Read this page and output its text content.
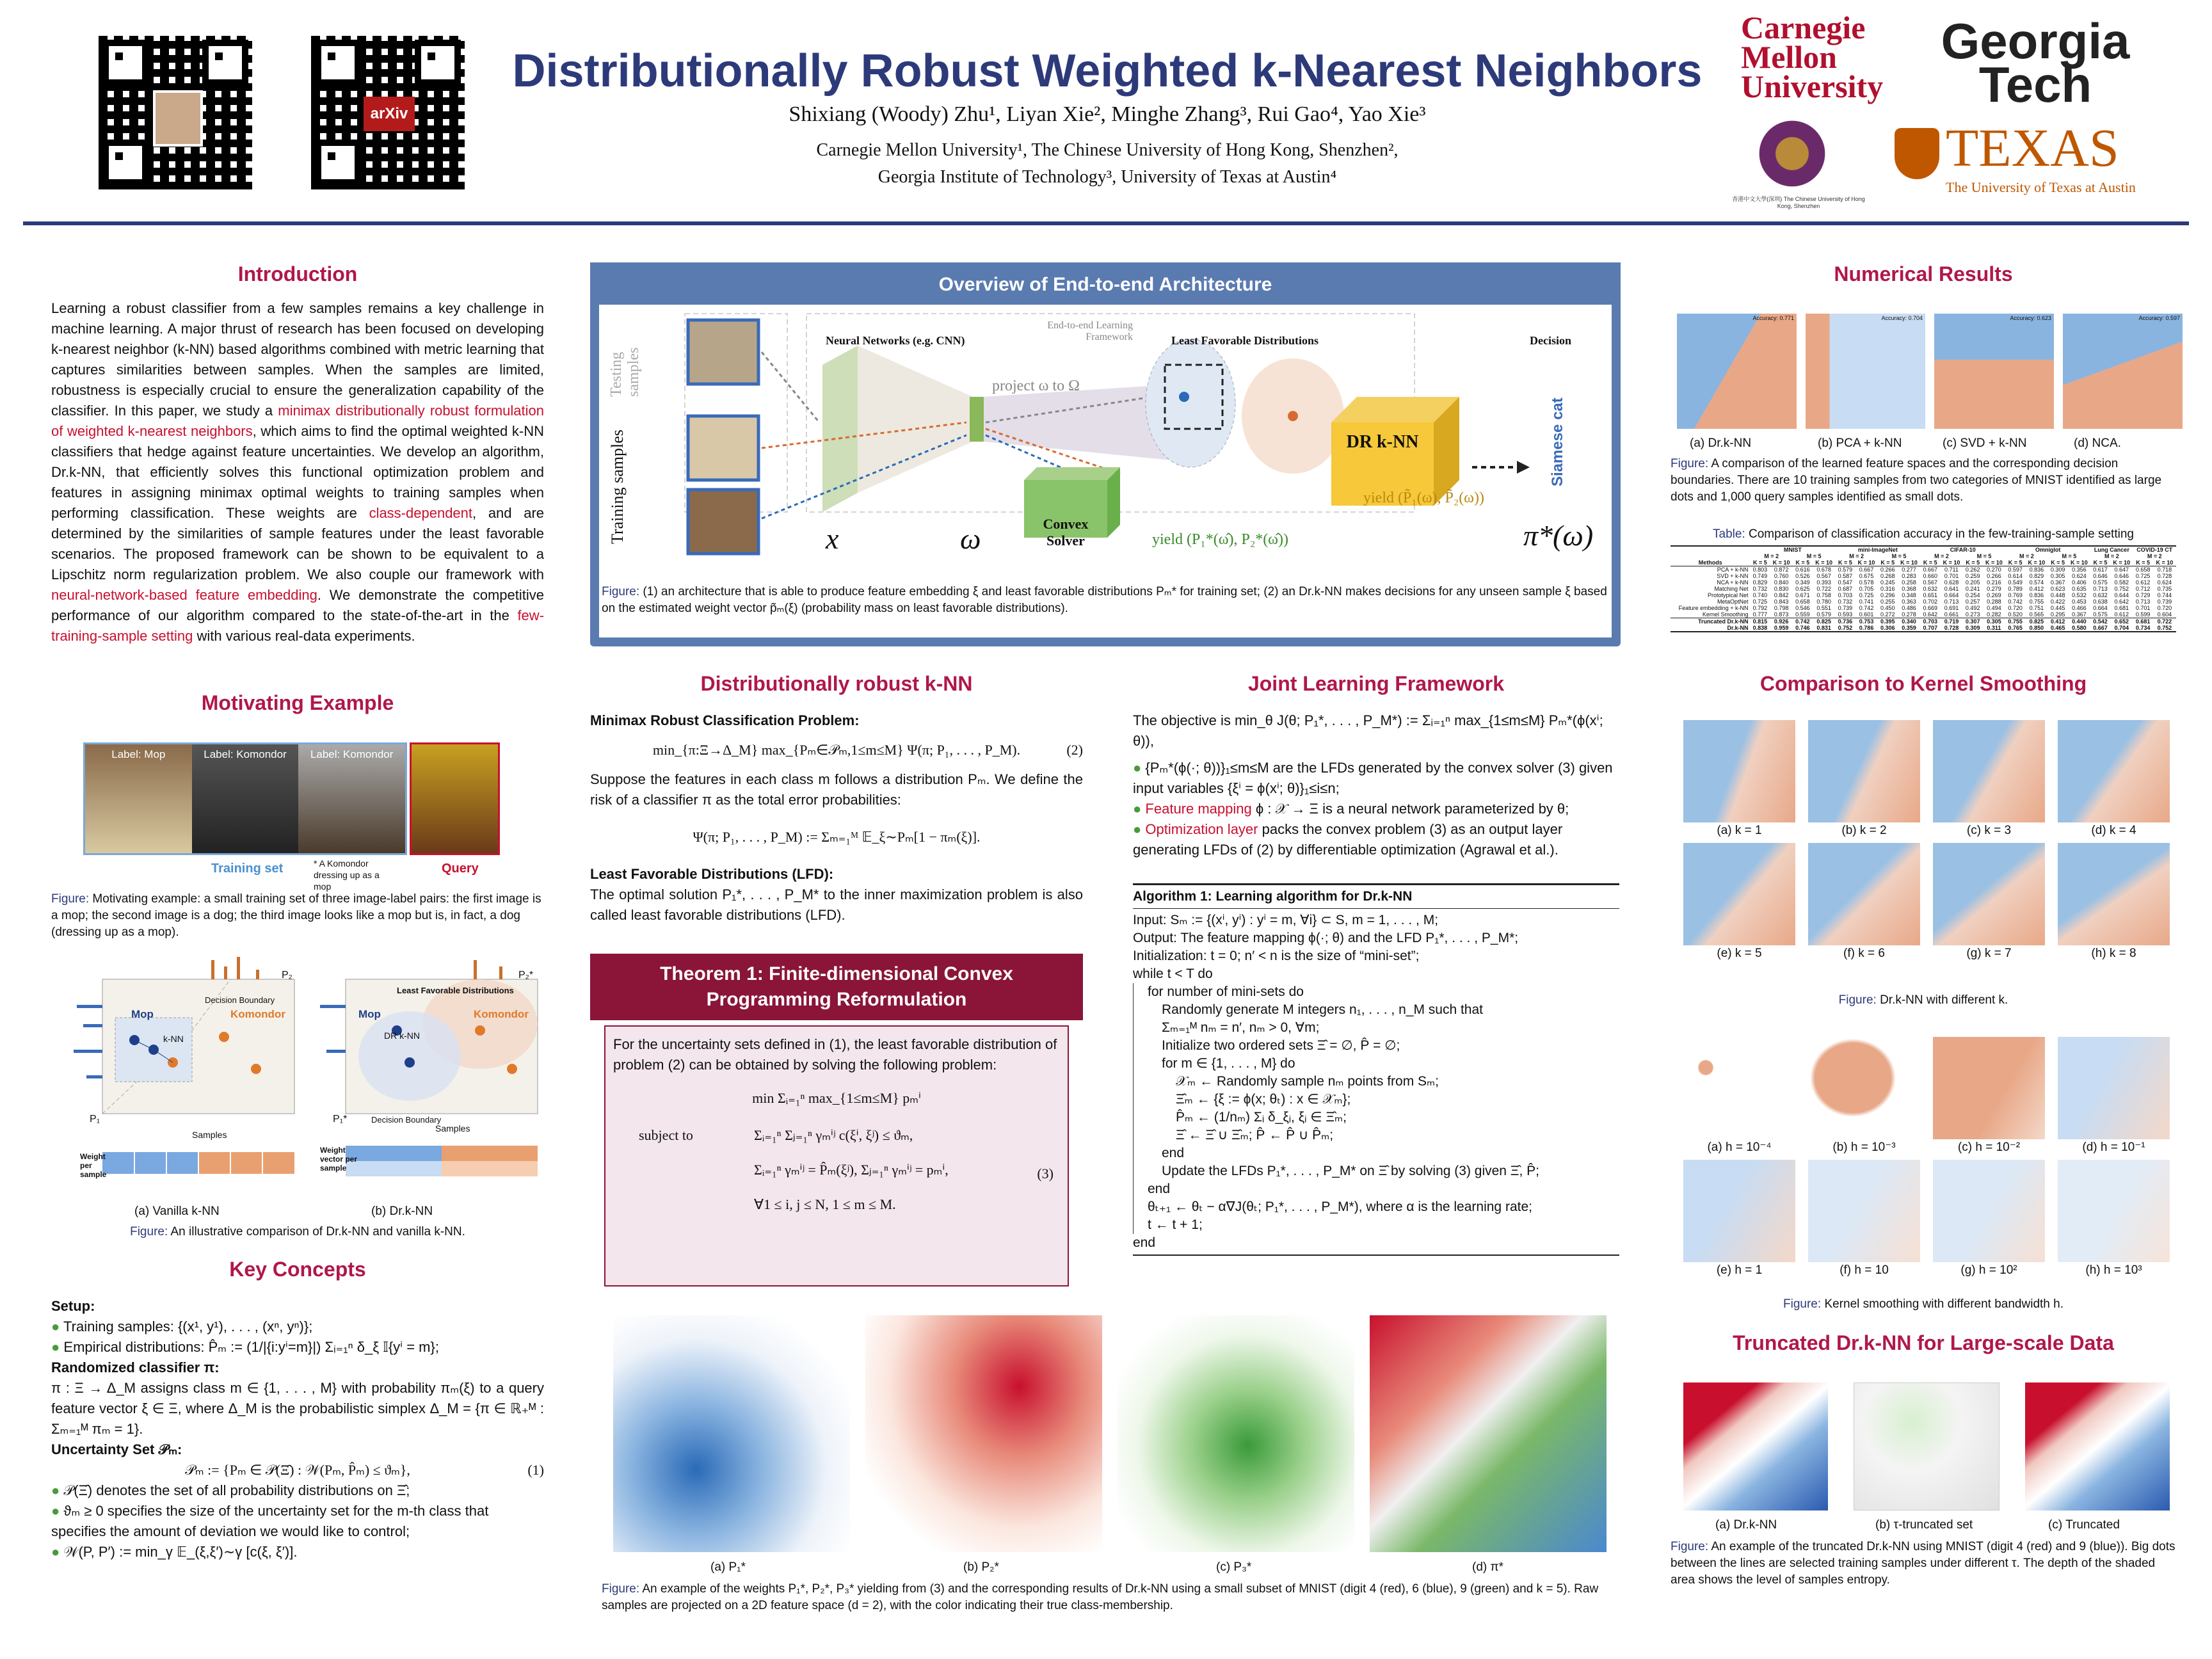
arXiv
Distributionally Robust Weighted k-Nearest Neighbors
Shixiang (Woody) Zhu¹, Liyan Xie², Minghe Zhang³, Rui Gao⁴, Yao Xie³
Carnegie Mellon University¹, The Chinese University of Hong Kong, Shenzhen²,
Georgia Institute of Technology³, University of Texas at Austin⁴
Carnegie Mellon University
Georgia
Tech
香港中文大學(深圳) The Chinese University of Hong Kong, Shenzhen
TEXAS
The University of Texas at Austin
Introduction
Learning a robust classifier from a few samples remains a key challenge in machine learning. A major thrust of research has been focused on developing k-nearest neighbor (k-NN) based algorithms combined with metric learning that captures similarities between samples. When the samples are limited, robustness is especially crucial to ensure the generalization capability of the classifier. In this paper, we study a minimax distributionally robust formulation of weighted k-nearest neighbors, which aims to find the optimal weighted k-NN classifiers that hedge against feature uncertainties. We develop an algorithm, Dr.k-NN, that efficiently solves this functional optimization problem and features in assigning minimax optimal weights to training samples when performing classification. These weights are class-dependent, and are determined by the similarities of sample features under the least favorable scenarios. The proposed framework can be shown to be equivalent to a Lipschitz norm regularization problem. We also couple our framework with neural-network-based feature embedding. We demonstrate the competitive performance of our algorithm compared to the state-of-the-art in the few-training-sample setting with various real-data experiments.
Motivating Example
Label: Mop	Label: Komondor	Label: Komondor
Training set	* A Komondor dressing up as a mop
Query
Figure: Motivating example: a small training set of three image-label pairs: the first image is a mop; the second image is a dog; the third image looks like a mop but is, in fact, a dog (dressing up as a mop).
Mop	Komondor
k-NN
Decision Boundary
P₁
P₂
Samples
Weight per sample
Mop	Komondor
DR k-NN
Least Favorable Distributions
Decision Boundary
P₁*
P₂*
Samples
Weight vector per sample
(a) Vanilla k-NN	(b) Dr.k-NN
Figure: An illustrative comparison of Dr.k-NN and vanilla k-NN.
Key Concepts
Setup:
● Training samples: {(x¹, y¹), . . . , (xⁿ, yⁿ)};
● Empirical distributions: P̂ₘ := (1/|{i:yⁱ=m}|) Σᵢ₌₁ⁿ δ_ξ 𝕀{yⁱ = m};
Randomized classifier π:
π : Ξ → Δ_M assigns class m ∈ {1, . . . , M} with probability πₘ(ξ) to a query feature vector ξ ∈ Ξ, where Δ_M is the probabilistic simplex Δ_M = {π ∈ ℝ₊ᴹ : Σₘ₌₁ᴹ πₘ = 1}.
Uncertainty Set 𝒫ₘ:
𝒫ₘ := {Pₘ ∈ 𝒫(Ξ̂) : 𝒲(Pₘ, P̂ₘ) ≤ ϑₘ},	(1)
● 𝒫(Ξ̂) denotes the set of all probability distributions on Ξ̂;
● ϑₘ ≥ 0 specifies the size of the uncertainty set for the m-th class that specifies the amount of deviation we would like to control;
● 𝒲(P, P′) := min_γ 𝔼_(ξ,ξ′)∼γ [c(ξ, ξ′)].
Overview of End-to-end Architecture
Testing samples
Training samples
Neural Networks (e.g. CNN)
End-to-end Learning Framework
project ω to Ω
Least Favorable Distributions	Decision
Convex Solver
DR k-NN
yield (P₁*(ω̂), P₂*(ω̂))
yield (P̃₁(ω), P̃₂(ω))
x	ω	π*(ω)
Siamese cat
Figure: (1) an architecture that is able to produce feature embedding ξ and least favorable distributions Pₘ* for training set; (2) an Dr.k-NN makes decisions for any unseen sample ξ based on the estimated weight vector p̃ₘ(ξ) (probability mass on least favorable distributions).
Distributionally robust k-NN
Minimax Robust Classification Problem:
min_{π:Ξ→Δ_M} max_{Pₘ∈𝒫ₘ,1≤m≤M} Ψ(π; P₁, . . . , P_M).	(2)
Suppose the features in each class m follows a distribution Pₘ. We define the risk of a classifier π as the total error probabilities:
Ψ(π; P₁, . . . , P_M) := Σₘ₌₁ᴹ 𝔼_ξ∼Pₘ[1 − πₘ(ξ)].
Least Favorable Distributions (LFD):
The optimal solution P₁*, . . . , P_M* to the inner maximization problem is also called least favorable distributions (LFD).
Theorem 1: Finite-dimensional Convex
Programming Reformulation
For the uncertainty sets defined in (1), the least favorable distribution of problem (2) can be obtained by solving the following problem:
min Σᵢ₌₁ⁿ max_{1≤m≤M} pₘⁱ
subject to	Σᵢ₌₁ⁿ Σⱼ₌₁ⁿ γₘⁱʲ c(ξⁱ, ξʲ) ≤ ϑₘ,
Σᵢ₌₁ⁿ γₘⁱʲ = P̂ₘ(ξʲ), Σⱼ₌₁ⁿ γₘⁱʲ = pₘⁱ,
∀1 ≤ i, j ≤ N, 1 ≤ m ≤ M.
(3)
Joint Learning Framework
The objective is min_θ J(θ; P₁*, . . . , P_M*) := Σᵢ₌₁ⁿ max_{1≤m≤M} Pₘ*(ϕ(xⁱ; θ)),
● {Pₘ*(ϕ(·; θ))}₁≤m≤M are the LFDs generated by the convex solver (3) given input variables {ξⁱ = ϕ(xⁱ; θ)}₁≤i≤n;
● Feature mapping ϕ : 𝒳 → Ξ is a neural network parameterized by θ;
● Optimization layer packs the convex problem (3) as an output layer generating LFDs of (2) by differentiable optimization (Agrawal et al.).
Algorithm 1: Learning algorithm for Dr.k-NN
Input: Sₘ := {(xⁱ, yⁱ) : yⁱ = m, ∀i} ⊂ S, m = 1, . . . , M;
Output: The feature mapping ϕ(·; θ) and the LFD P₁*, . . . , P_M*;
Initialization: t = 0; n′ < n is the size of “mini-set”;
while t < T do
for number of mini-sets do
Randomly generate M integers n₁, . . . , n_M such that
Σₘ₌₁ᴹ nₘ = n′, nₘ > 0, ∀m;
Initialize two ordered sets Ξ̂ = ∅, P̂ = ∅;
for m ∈ {1, . . . , M} do
𝒳ₘ ← Randomly sample nₘ points from Sₘ;
Ξ̂ₘ ← {ξ := ϕ(x; θₜ) : x ∈ 𝒳ₘ};
P̂ₘ ← (1/nₘ) Σᵢ δ_ξᵢ, ξᵢ ∈ Ξ̂ₘ;
Ξ̂ ← Ξ̂ ∪ Ξ̂ₘ; P̂ ← P̂ ∪ P̂ₘ;
end
Update the LFDs P₁*, . . . , P_M* on Ξ̂ by solving (3) given Ξ̂, P̂;
end
θₜ₊₁ ← θₜ − α∇J(θₜ; P₁*, . . . , P_M*), where α is the learning rate;
t ← t + 1;
end
(a) P₁*	(b) P₂*	(c) P₃*	(d) π*
Figure: An example of the weights P₁*, P₂*, P₃* yielding from (3) and the corresponding results of Dr.k-NN using a small subset of MNIST (digit 4 (red), 6 (blue), 9 (green) and k = 5). Raw samples are projected on a 2D feature space (d = 2), with the color indicating their true class-membership.
Numerical Results
Accuracy: 0.771	Accuracy: 0.704	Accuracy: 0.623	Accuracy: 0.597
(a) Dr.k-NN	(b) PCA + k-NN	(c) SVD + k-NN	(d) NCA.
Figure: A comparison of the learned feature spaces and the corresponding decision boundaries. There are 10 training samples from two categories of MNIST identified as large dots and 1,000 query samples identified as small dots.
Table: Comparison of classification accuracy in the few-training-sample setting
	MNIST				mini-ImageNet				CIFAR-10				Omniglot				Lung Cancer		COVID-19 CT	
	M = 2		M = 5		M = 2		M = 5		M = 2		M = 5		M = 2		M = 5		M = 2		M = 2	
Methods	K = 5	K = 10	K = 5	K = 10	K = 5	K = 10	K = 5	K = 10	K = 5	K = 10	K = 5	K = 10	K = 5	K = 10	K = 5	K = 10	K = 5	K = 10	K = 5	K = 10
PCA + k-NN	0.803	0.872	0.616	0.678	0.579	0.667	0.266	0.277	0.667	0.711	0.262	0.270	0.597	0.836	0.309	0.356	0.617	0.647	0.658	0.718
SVD + k-NN	0.749	0.760	0.526	0.567	0.587	0.675	0.268	0.283	0.660	0.701	0.259	0.266	0.614	0.829	0.305	0.624	0.646	0.646	0.725	0.728
NCA + k-NN	0.829	0.840	0.349	0.393	0.547	0.578	0.245	0.258	0.567	0.628	0.205	0.216	0.549	0.574	0.367	0.406	0.575	0.582	0.612	0.624
Matching Net	0.732	0.830	0.625	0.722	0.687	0.705	0.316	0.368	0.632	0.641	0.241	0.279	0.789	0.412	0.623	0.635	0.713	0.752	0.712	0.735
Prototypical Net	0.740	0.842	0.671	0.758	0.703	0.725	0.296	0.348	0.651	0.664	0.254	0.269	0.769	0.836	0.448	0.532	0.632	0.644	0.729	0.744
MetaOptNet	0.725	0.843	0.658	0.780	0.732	0.741	0.255	0.363	0.702	0.713	0.257	0.288	0.742	0.755	0.422	0.453	0.638	0.642	0.713	0.739
Feature embedding + k-NN	0.792	0.798	0.546	0.551	0.739	0.742	0.450	0.486	0.669	0.691	0.492	0.494	0.720	0.751	0.445	0.466	0.664	0.681	0.701	0.720
Kernel Smoothing	0.777	0.873	0.559	0.579	0.593	0.601	0.272	0.278	0.642	0.661	0.273	0.282	0.520	0.565	0.295	0.367	0.575	0.612	0.599	0.604
Truncated Dr.k-NN	0.815	0.926	0.742	0.825	0.736	0.753	0.395	0.340	0.703	0.719	0.307	0.305	0.755	0.825	0.412	0.440	0.542	0.652	0.681	0.722
Dr.k-NN	0.838	0.959	0.746	0.831	0.752	0.786	0.306	0.359	0.707	0.728	0.309	0.311	0.765	0.850	0.465	0.580	0.667	0.704	0.734	0.752
Comparison to Kernel Smoothing
(a) k = 1	(b) k = 2	(c) k = 3	(d) k = 4
(e) k = 5	(f) k = 6	(g) k = 7	(h) k = 8
Figure: Dr.k-NN with different k.
(a) h = 10⁻⁴	(b) h = 10⁻³	(c) h = 10⁻²	(d) h = 10⁻¹
(e) h = 1	(f) h = 10	(g) h = 10²	(h) h = 10³
Figure: Kernel smoothing with different bandwidth h.
Truncated Dr.k-NN for Large-scale Data
(a) Dr.k-NN	(b) τ-truncated set	(c) Truncated
Figure: An example of the truncated Dr.k-NN using MNIST (digit 4 (red) and 9 (blue)). Big dots between the lines are selected training samples under different τ. The depth of the shaded area shows the level of samples entropy.
